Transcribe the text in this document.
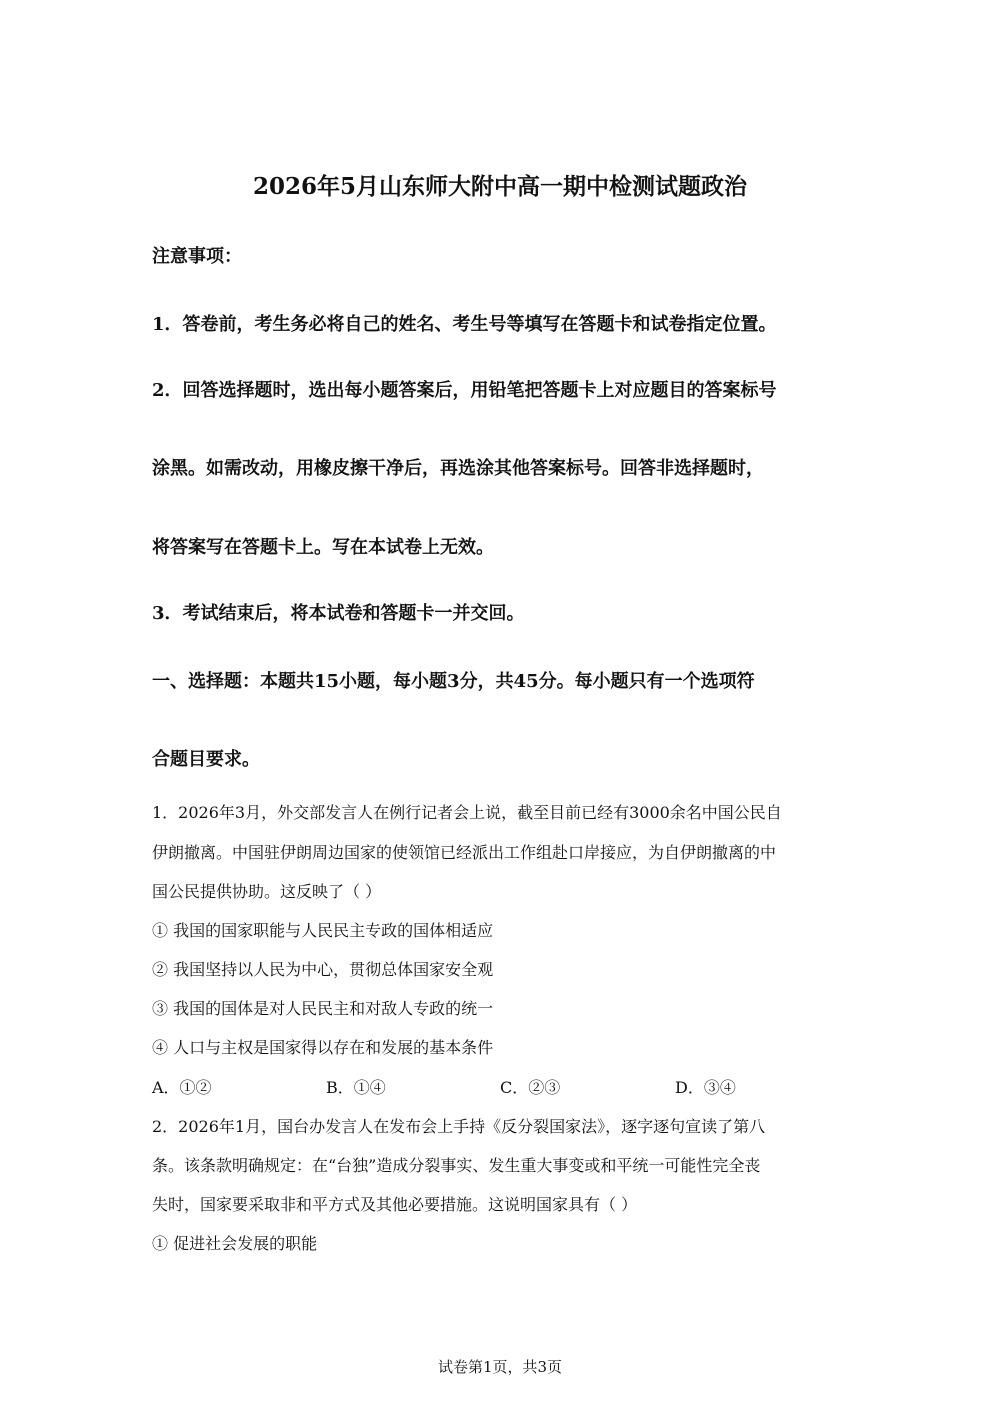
2026年5月山东师大附中高一期中检测试题政治
注意事项：
1．答卷前，考生务必将自己的姓名、考生号等填写在答题卡和试卷指定位置。
2．回答选择题时，选出每小题答案后，用铅笔把答题卡上对应题目的答案标号
涂黑。如需改动，用橡皮擦干净后，再选涂其他答案标号。回答非选择题时，
将答案写在答题卡上。写在本试卷上无效。
3．考试结束后，将本试卷和答题卡一并交回。
一、选择题：本题共15小题，每小题3分，共45分。每小题只有一个选项符
合题目要求。
1．2026年3月，外交部发言人在例行记者会上说，截至目前已经有3000余名中国公民自
伊朗撤离。中国驻伊朗周边国家的使领馆已经派出工作组赴口岸接应，为自伊朗撤离的中
国公民提供协助。这反映了（ ）
① 我国的国家职能与人民民主专政的国体相适应
② 我国坚持以人民为中心，贯彻总体国家安全观
③ 我国的国体是对人民民主和对敌人专政的统一
④ 人口与主权是国家得以存在和发展的基本条件
A．①②	B．①④	C．②③	D．③④
2．2026年1月，国台办发言人在发布会上手持《反分裂国家法》，逐字逐句宣读了第八
条。该条款明确规定：在“台独”造成分裂事实、发生重大事变或和平统一可能性完全丧
失时，国家要采取非和平方式及其他必要措施。这说明国家具有（ ）
① 促进社会发展的职能
试卷第1页，共3页
